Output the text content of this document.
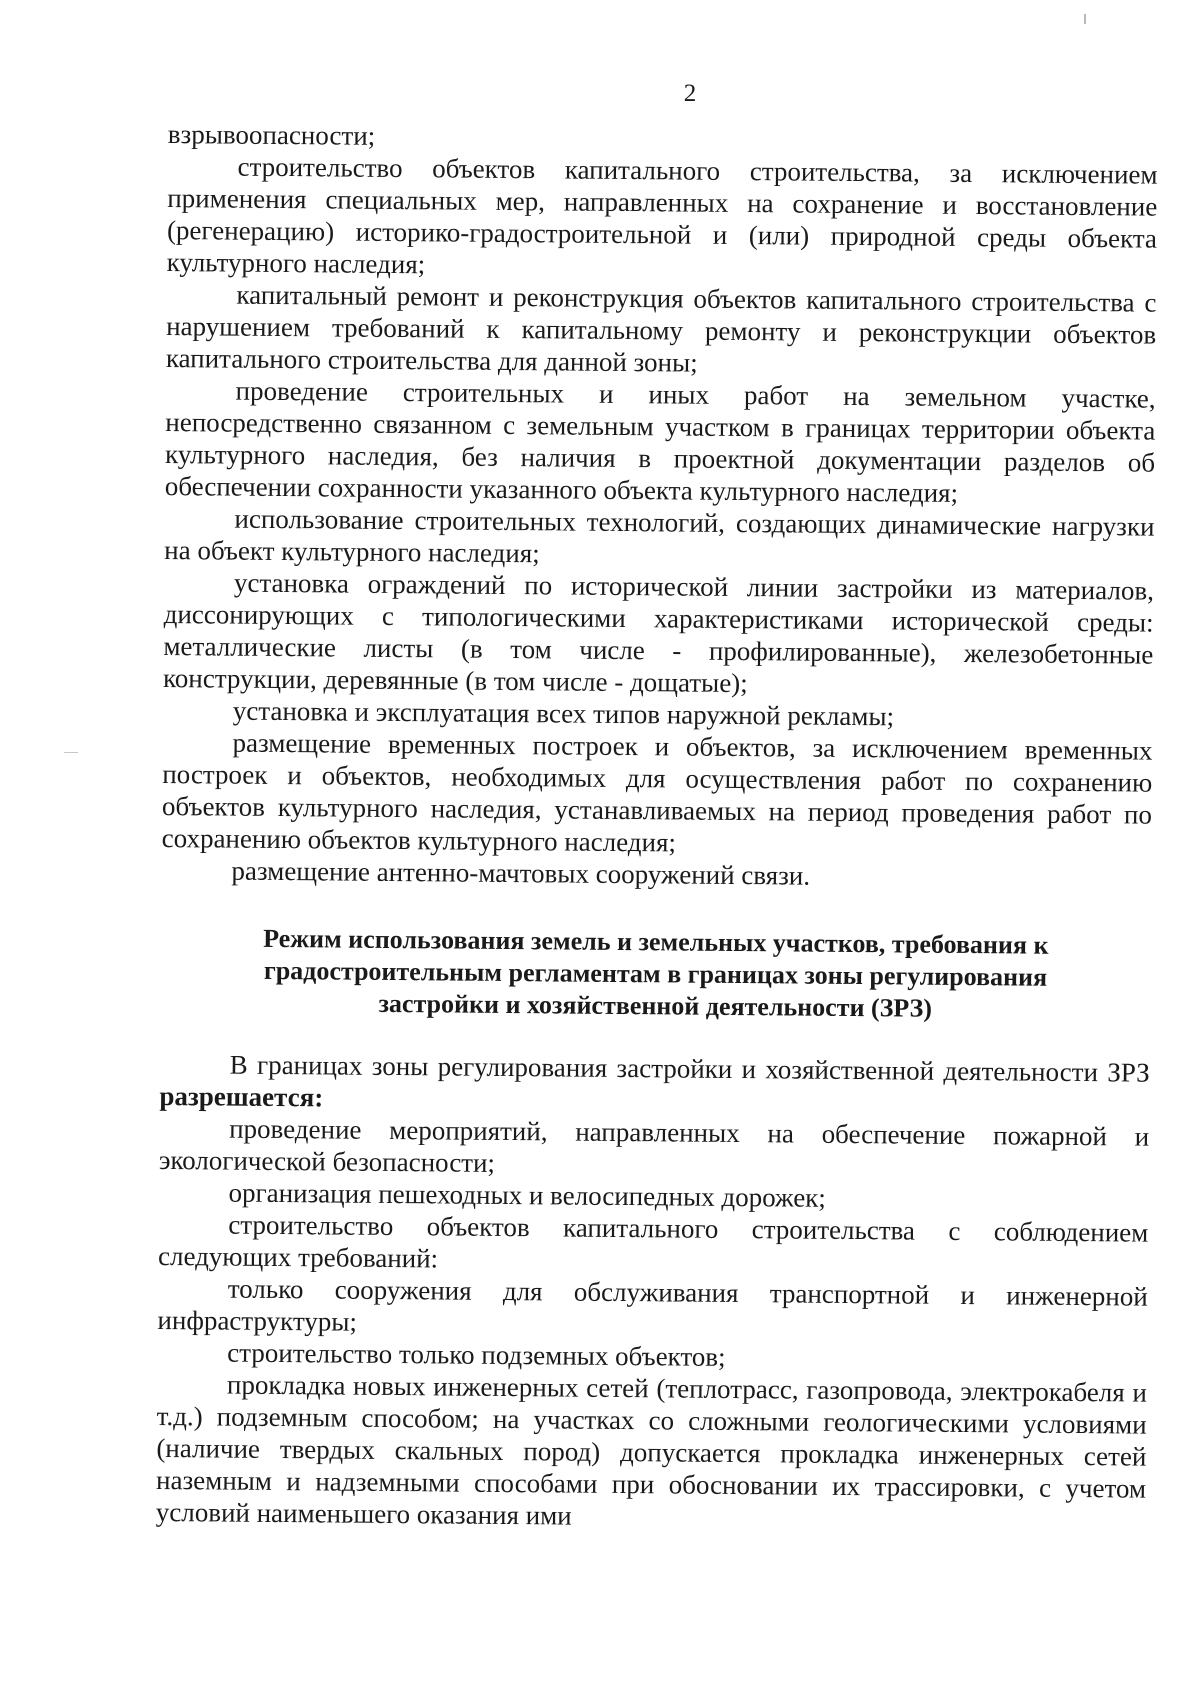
2

взрывоопасности;

строительство объектов капитального строительства, за исключением применения специальных мер, направленных на сохранение и восстановление (регенерацию) историко-градостроительной и (или) природной среды объекта культурного наследия;

капитальный ремонт и реконструкция объектов капитального строительства с нарушением требований к капитальному ремонту и реконструкции объектов капитального строительства для данной зоны;

проведение строительных и иных работ на земельном участке, непосредственно связанном с земельным участком в границах территории объекта культурного наследия, без наличия в проектной документации разделов об обеспечении сохранности указанного объекта культурного наследия;

использование строительных технологий, создающих динамические нагрузки на объект культурного наследия;

установка ограждений по исторической линии застройки из материалов, диссонирующих с типологическими характеристиками исторической среды: металлические листы (в том числе - профилированные), железобетонные конструкции, деревянные (в том числе - дощатые);

установка и эксплуатация всех типов наружной рекламы;

размещение временных построек и объектов, за исключением временных построек и объектов, необходимых для осуществления работ по сохранению объектов культурного наследия, устанавливаемых на период проведения работ по сохранению объектов культурного наследия;

размещение антенно-мачтовых сооружений связи.

Режим использования земель и земельных участков, требования к градостроительным регламентам в границах зоны регулирования застройки и хозяйственной деятельности (ЗРЗ)

В границах зоны регулирования застройки и хозяйственной деятельности ЗРЗ разрешается:

проведение мероприятий, направленных на обеспечение пожарной и экологической безопасности;

организация пешеходных и велосипедных дорожек;

строительство объектов капитального строительства с соблюдением следующих требований:

только сооружения для обслуживания транспортной и инженерной инфраструктуры;

строительство только подземных объектов;

прокладка новых инженерных сетей (теплотрасс, газопровода, электрокабеля и т.д.) подземным способом; на участках со сложными геологическими условиями (наличие твердых скальных пород) допускается прокладка инженерных сетей наземным и надземными способами при обосновании их трассировки, с учетом условий наименьшего оказания ими
